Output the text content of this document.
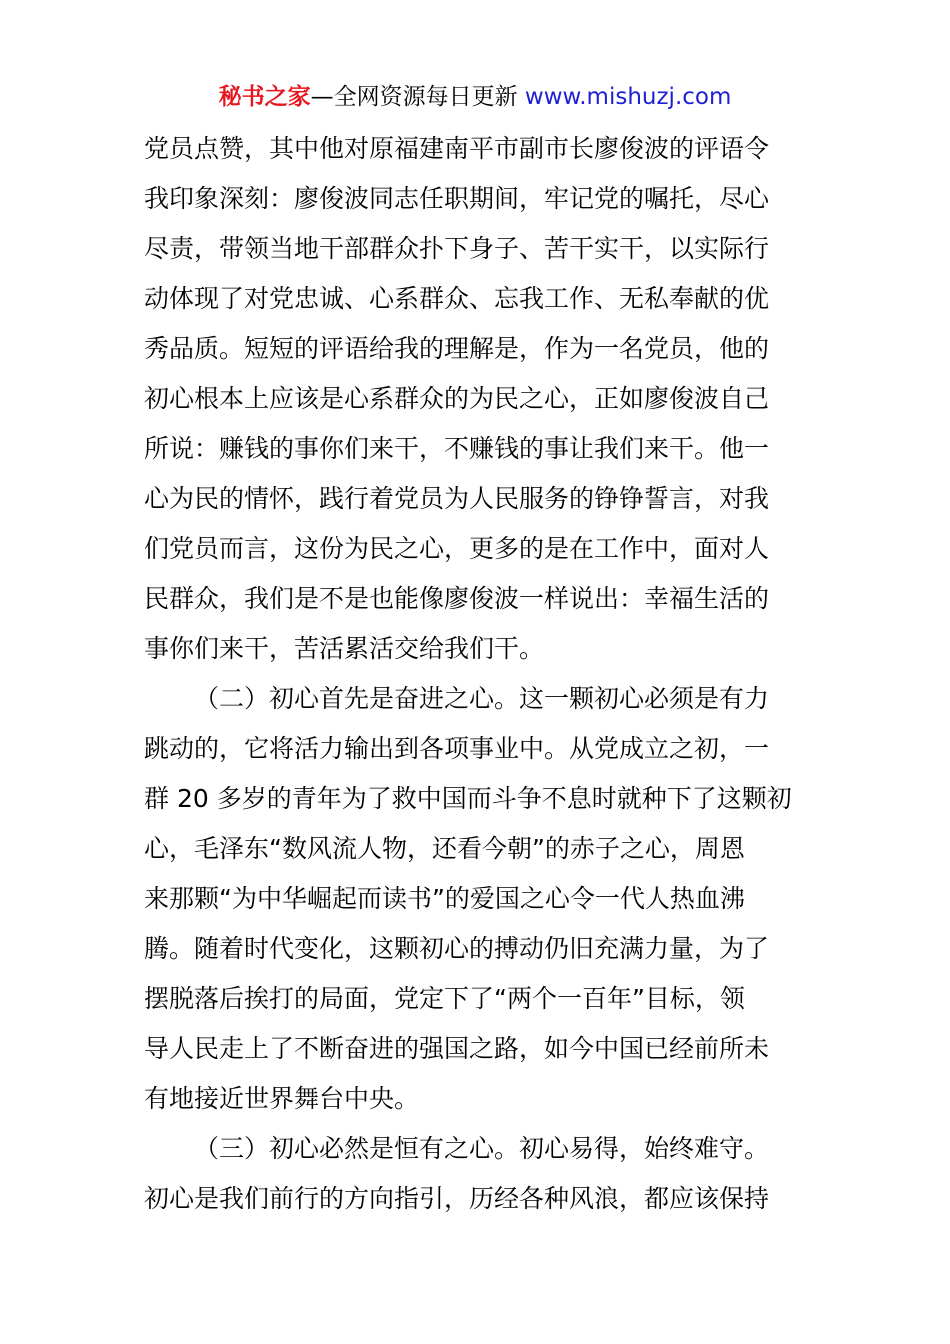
秘书之家—全网资源每日更新 www.mishuzj.com
党员点赞，其中他对原福建南平市副市长廖俊波的评语令
我印象深刻：廖俊波同志任职期间，牢记党的嘱托，尽心
尽责，带领当地干部群众扑下身子、苦干实干，以实际行
动体现了对党忠诚、心系群众、忘我工作、无私奉献的优
秀品质。短短的评语给我的理解是，作为一名党员，他的
初心根本上应该是心系群众的为民之心，正如廖俊波自己
所说：赚钱的事你们来干，不赚钱的事让我们来干。他一
心为民的情怀，践行着党员为人民服务的铮铮誓言，对我
们党员而言，这份为民之心，更多的是在工作中，面对人
民群众，我们是不是也能像廖俊波一样说出：幸福生活的
事你们来干，苦活累活交给我们干。
（二）初心首先是奋进之心。这一颗初心必须是有力
跳动的，它将活力输出到各项事业中。从党成立之初，一
群 20 多岁的青年为了救中国而斗争不息时就种下了这颗初
心，毛泽东“数风流人物，还看今朝”的赤子之心，周恩
来那颗“为中华崛起而读书”的爱国之心令一代人热血沸
腾。随着时代变化，这颗初心的搏动仍旧充满力量，为了
摆脱落后挨打的局面，党定下了“两个一百年”目标，领
导人民走上了不断奋进的强国之路，如今中国已经前所未
有地接近世界舞台中央。
（三）初心必然是恒有之心。初心易得，始终难守。
初心是我们前行的方向指引，历经各种风浪，都应该保持
